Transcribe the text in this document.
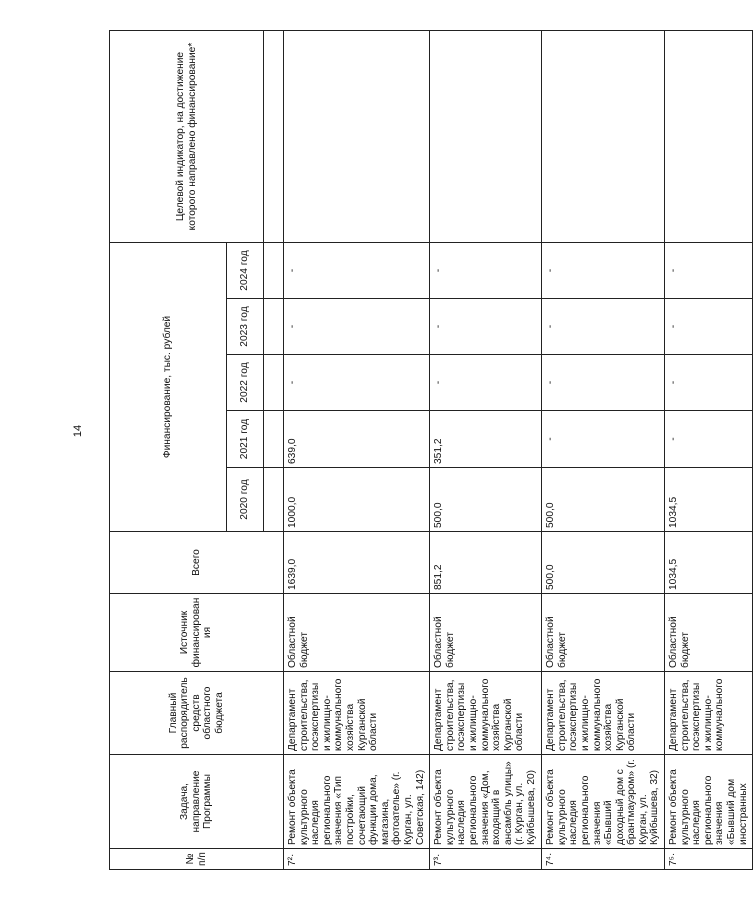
14
№ п/п	Задача, направление Программы	Главный распорядитель средств областного бюджета	Источник финансирования	Всего	Финансирование, тыс. рублей					Целевой индикатор, на достижение которого направлено финансирование*
					2020 год	2021 год	2022 год	2023 год	2024 год	

7²·	Ремонт объекта культурного наследия регионального значения «Тип постройки, сочетающий функции дома, магазина, фотоателье» (г. Курган, ул. Советская, 142)	Департамент строительства, госэкспертизы и жилищно-коммунального хозяйства Курганской области	Областной бюджет	1639,0	1000,0	639,0	-	-	-	
7³·	Ремонт объекта культурного наследия регионального значения «Дом, входящий в ансамбль улицы» (г. Курган, ул. Куйбышева, 20)	Департамент строительства, госэкспертизы и жилищно-коммунального хозяйства Курганской области	Областной бюджет	851,2	500,0	351,2	-	-	-	
7⁴·	Ремонт объекта культурного наследия регионального значения «Бывший доходный дом с брантмауэром» (г. Курган, ул. Куйбышева, 32)	Департамент строительства, госэкспертизы и жилищно-коммунального хозяйства Курганской области	Областной бюджет	500,0	500,0	-	-	-	-	
7⁵·	Ремонт объекта культурного наследия регионального значения «Бывший дом иностранных	Департамент строительства, госэкспертизы и жилищно-коммунального	Областной бюджет	1034,5	1034,5	-	-	-	-	
